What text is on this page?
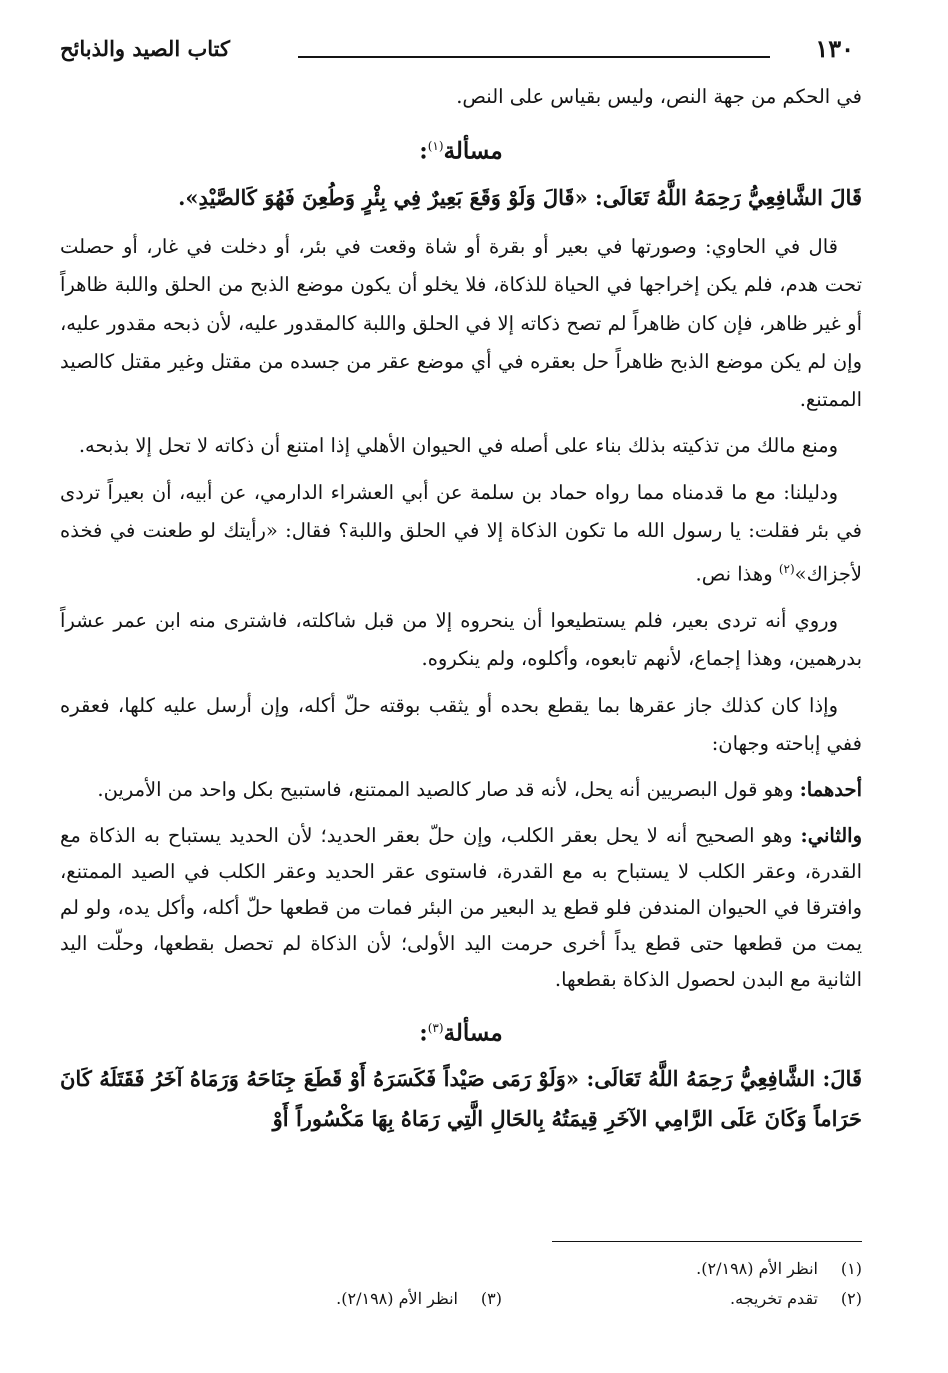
١٣٠
كتاب الصيد والذبائح

في الحكم من جهة النص، وليس بقياس على النص.

مسألة$^{(١)}$:

قَالَ الشَّافِعِيُّ رَحِمَهُ اللَّهُ تَعَالَى: «قَالَ وَلَوْ وَقَعَ بَعِيرٌ فِي بِئْرٍ وَطُعِنَ فَهُوَ كَالصَّيْدِ».

قال في الحاوي: وصورتها في بعير أو بقرة أو شاة وقعت في بئر، أو دخلت في غار، أو حصلت تحت هدم، فلم يكن إخراجها في الحياة للذكاة، فلا يخلو أن يكون موضع الذبح من الحلق واللبة ظاهراً أو غير ظاهر، فإن كان ظاهراً لم تصح ذكاته إلا في الحلق واللبة كالمقدور عليه، لأن ذبحه مقدور عليه، وإن لم يكن موضع الذبح ظاهراً حل بعقره في أي موضع عقر من جسده من مقتل وغير مقتل كالصيد الممتنع.

ومنع مالك من تذكيته بذلك بناء على أصله في الحيوان الأهلي إذا امتنع أن ذكاته لا تحل إلا بذبحه.

ودليلنا: مع ما قدمناه مما رواه حماد بن سلمة عن أبي العشراء الدارمي، عن أبيه، أن بعيراً تردى في بئر فقلت: يا رسول الله ما تكون الذكاة إلا في الحلق واللبة؟ فقال: «رأيتك لو طعنت في فخذه لأجزاك»$^{(٢)}$ وهذا نص.

وروي أنه تردى بعير، فلم يستطيعوا أن ينحروه إلا من قبل شاكلته، فاشترى منه ابن عمر عشراً بدرهمين، وهذا إجماع، لأنهم تابعوه، وأكلوه، ولم ينكروه.

وإذا كان كذلك جاز عقرها بما يقطع بحده أو يثقب بوقته حلّ أكله، وإن أرسل عليه كلها، فعقره ففي إباحته وجهان:

أحدهما: وهو قول البصريين أنه يحل، لأنه قد صار كالصيد الممتنع، فاستبيح بكل واحد من الأمرين.

والثاني: وهو الصحيح أنه لا يحل بعقر الكلب، وإن حلّ بعقر الحديد؛ لأن الحديد يستباح به الذكاة مع القدرة، وعقر الكلب لا يستباح به مع القدرة، فاستوى عقر الحديد وعقر الكلب في الصيد الممتنع، وافترقا في الحيوان المندفن فلو قطع يد البعير من البئر فمات من قطعها حلّ أكله، وأكل يده، ولو لم يمت من قطعها حتى قطع يداً أخرى حرمت اليد الأولى؛ لأن الذكاة لم تحصل بقطعها، وحلّت اليد الثانية مع البدن لحصول الذكاة بقطعها.

مسألة$^{(٣)}$:

قَالَ: الشَّافِعِيُّ رَحِمَهُ اللَّهُ تَعَالَى: «وَلَوْ رَمَى صَيْداً فَكَسَرَهُ أَوْ قَطَعَ جِنَاحَهُ وَرَمَاهُ آخَرُ فَقَتَلَهُ كَانَ حَرَاماً وَكَانَ عَلَى الرَّامِي الآخَرِ قِيمَتُهُ بِالحَالِ الَّتِي رَمَاهُ بِهَا مَكْسُوراً أَوْ

(١)انظر الأم (٢/١٩٨).
(٢)تقدم تخريجه.
(٣)انظر الأم (٢/١٩٨).
